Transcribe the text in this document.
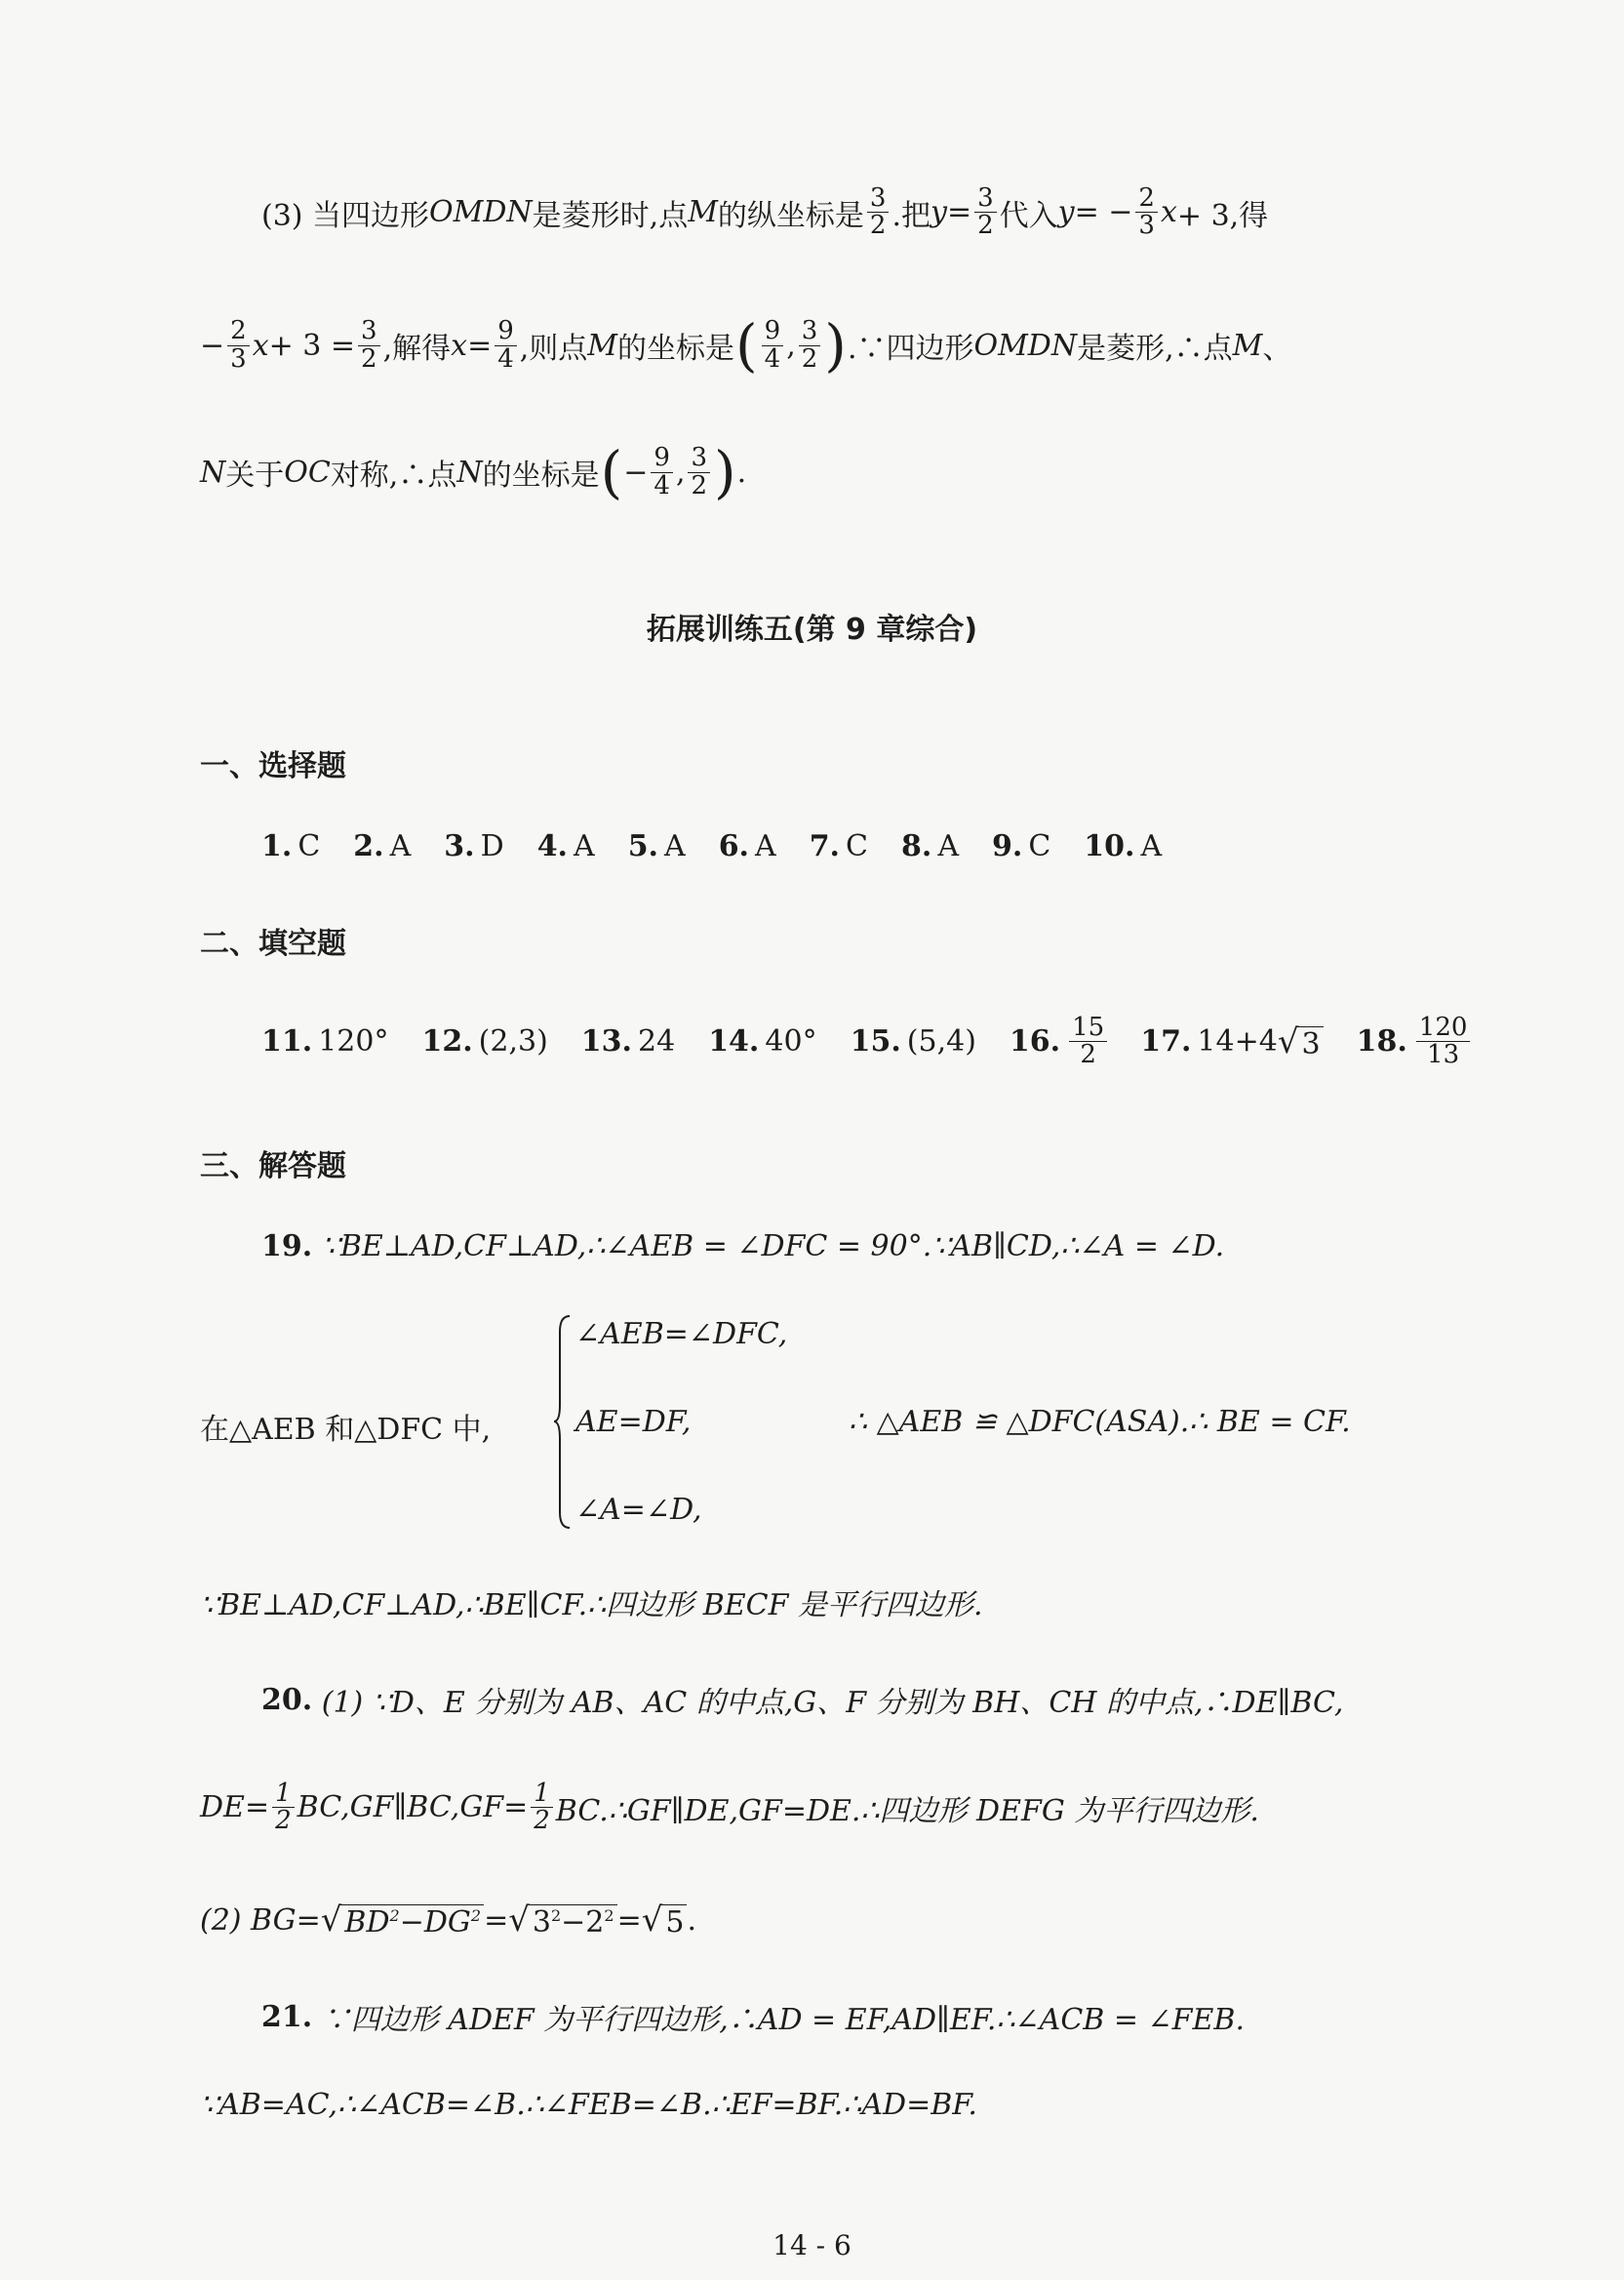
(3) 当四边形 OMDN 是菱形时,点 M 的纵坐标是 $\frac{3}{2}$ .把 $y = \frac{3}{2}$ 代入 y = − $\frac{2}{3}$ x + 3,得
− $\frac{2}{3}$ $x + 3 = \frac{3}{2}$ ,解得 $x = \frac{9}{4}$ ,则点 M 的坐标是 ( $\frac{9}{4}$ , $\frac{3}{2}$ ) .∵四边形 OMDN 是菱形,∴点 M 、
N 关于 OC 对称,∴点 N 的坐标是 ( − $\frac{9}{4}$ , $\frac{3}{2}$ ) .
拓展训练五(第 9 章综合)
一、选择题
1. C 2. A 3. D 4. A 5. A 6. A 7. C 8. A 9. C 10. A
二、填空题
11. 120° 12. (2,3) 13. 24 14. 40° 15. (5,4) 16. $\frac{15}{2} 17$. 14+4 √ 3 18. $\frac{120}{13}$
三、解答题
19.
∵BE⊥AD,CF⊥AD,∴∠AEB = ∠DFC = 90°.∵AB∥CD,∴∠A = ∠D.
在△AEB 和△DFC 中,
∠AEB=∠DFC,
AE=DF,
∠A=∠D,
∴ △AEB ≌ △DFC(ASA).∴ BE = CF.
∵BE⊥AD,CF⊥AD,∴BE∥CF.∴四边形 BECF 是平行四边形.
20.
(1) ∵D、E 分别为 AB、AC 的中点,G、F 分别为 BH、CH 的中点,∴DE∥BC,
$DE= \frac{1}{2}$ BC,GF∥BC,GF= $\frac{1}{2}$ BC.∴GF∥DE,GF=DE.∴四边形 DEFG 为平行四边形.
(2) BG= √ $BD^2-DG^2$ = √ $3^2-2^2$ = √ 5 .
21.
∵四边形 ADEF 为平行四边形,∴AD = EF,AD∥EF.∴∠ACB = ∠FEB.
∵AB=AC,∴∠ACB=∠B.∴∠FEB=∠B.∴EF=BF.∴AD=BF.
14 - 6
